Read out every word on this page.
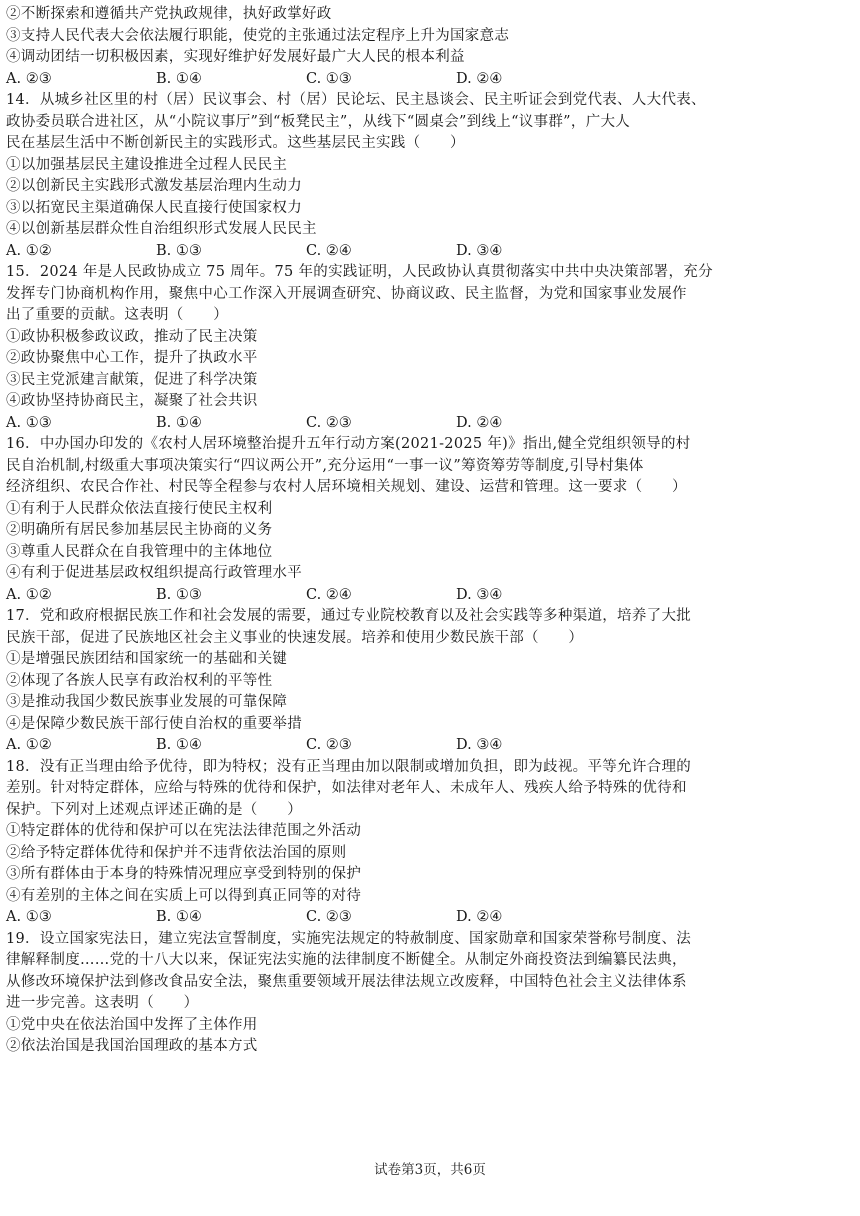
②不断探索和遵循共产党执政规律，执好政掌好政
③支持人民代表大会依法履行职能，使党的主张通过法定程序上升为国家意志
④调动团结一切积极因素，实现好维护好发展好最广大人民的根本利益
A. ②③	B. ①④	C. ①③	D. ②④
14．从城乡社区里的村（居）民议事会、村（居）民论坛、民主恳谈会、民主听证会到党代表、人大代表、
政协委员联合进社区，从“小院议事厅”到“板凳民主”，从线下“圆桌会”到线上“议事群”，广大人
民在基层生活中不断创新民主的实践形式。这些基层民主实践（　　）
①以加强基层民主建设推进全过程人民民主
②以创新民主实践形式激发基层治理内生动力
③以拓宽民主渠道确保人民直接行使国家权力
④以创新基层群众性自治组织形式发展人民民主
A. ①②	B. ①③	C. ②④	D. ③④
15．2024 年是人民政协成立 75 周年。75 年的实践证明，人民政协认真贯彻落实中共中央决策部署，充分
发挥专门协商机构作用，聚焦中心工作深入开展调查研究、协商议政、民主监督，为党和国家事业发展作
出了重要的贡献。这表明（　　）
①政协积极参政议政，推动了民主决策
②政协聚焦中心工作，提升了执政水平
③民主党派建言献策，促进了科学决策
④政协坚持协商民主，凝聚了社会共识
A. ①③	B. ①④	C. ②③	D. ②④
16．中办国办印发的《农村人居环境整治提升五年行动方案(2021-2025 年)》指出,健全党组织领导的村
民自治机制,村级重大事项决策实行“四议两公开”,充分运用“一事一议”筹资筹劳等制度,引导村集体
经济组织、农民合作社、村民等全程参与农村人居环境相关规划、建设、运营和管理。这一要求（　　）
①有利于人民群众依法直接行使民主权利
②明确所有居民参加基层民主协商的义务
③尊重人民群众在自我管理中的主体地位
④有利于促进基层政权组织提高行政管理水平
A. ①②	B. ①③	C. ②④	D. ③④
17．党和政府根据民族工作和社会发展的需要，通过专业院校教育以及社会实践等多种渠道，培养了大批
民族干部，促进了民族地区社会主义事业的快速发展。培养和使用少数民族干部（　　）
①是增强民族团结和国家统一的基础和关键
②体现了各族人民享有政治权利的平等性
③是推动我国少数民族事业发展的可靠保障
④是保障少数民族干部行使自治权的重要举措
A. ①②	B. ①④	C. ②③	D. ③④
18．没有正当理由给予优待，即为特权；没有正当理由加以限制或增加负担，即为歧视。平等允许合理的
差别。针对特定群体，应给与特殊的优待和保护，如法律对老年人、未成年人、残疾人给予特殊的优待和
保护。下列对上述观点评述正确的是（　　）
①特定群体的优待和保护可以在宪法法律范围之外活动
②给予特定群体优待和保护并不违背依法治国的原则
③所有群体由于本身的特殊情况理应享受到特别的保护
④有差别的主体之间在实质上可以得到真正同等的对待
A. ①③	B. ①④	C. ②③	D. ②④
19．设立国家宪法日，建立宪法宣誓制度，实施宪法规定的特赦制度、国家勋章和国家荣誉称号制度、法
律解释制度……党的十八大以来，保证宪法实施的法律制度不断健全。从制定外商投资法到编纂民法典，
从修改环境保护法到修改食品安全法，聚焦重要领域开展法律法规立改废释，中国特色社会主义法律体系
进一步完善。这表明（　　）
①党中央在依法治国中发挥了主体作用
②依法治国是我国治国理政的基本方式
试卷第3页，共6页
